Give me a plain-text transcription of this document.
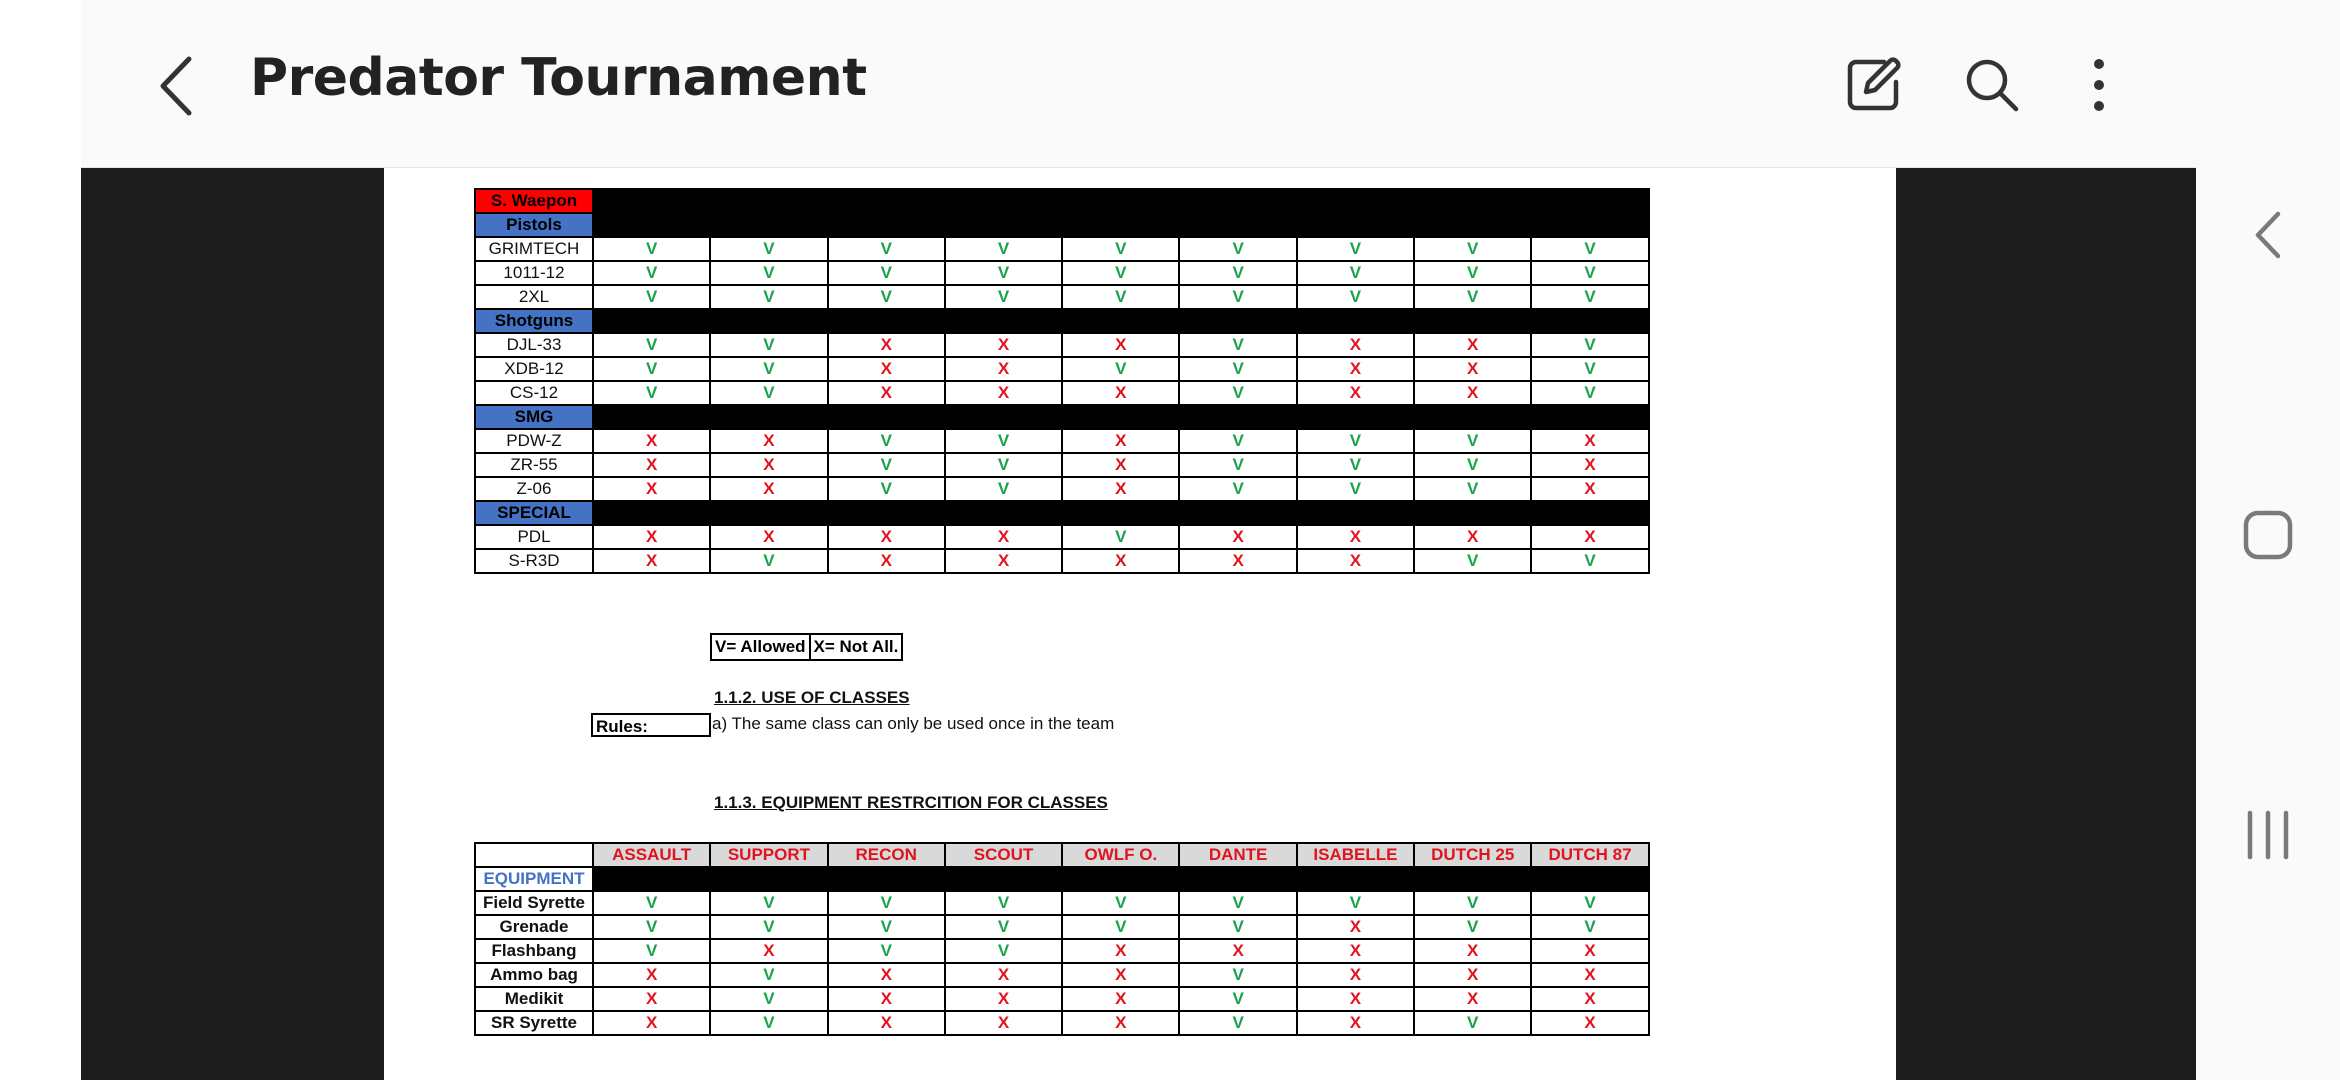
Predator Tournament
S. Waepon									
Pistols									
GRIMTECH	V	V	V	V	V	V	V	V	V
1011-12	V	V	V	V	V	V	V	V	V
2XL	V	V	V	V	V	V	V	V	V
Shotguns									
DJL-33	V	V	X	X	X	V	X	X	V
XDB-12	V	V	X	X	V	V	X	X	V
CS-12	V	V	X	X	X	V	X	X	V
SMG									
PDW-Z	X	X	V	V	X	V	V	V	X
ZR-55	X	X	V	V	X	V	V	V	X
Z-06	X	X	V	V	X	V	V	V	X
SPECIAL									
PDL	X	X	X	X	V	X	X	X	X
S-R3D	X	V	X	X	X	X	X	V	V
V= Allowed	X= Not All.
1.1.2. USE OF CLASSES
Rules:	a) The same class can only be used once in the team
1.1.3. EQUIPMENT RESTRCITION FOR CLASSES
	ASSAULT	SUPPORT	RECON	SCOUT	OWLF O.	DANTE	ISABELLE	DUTCH 25	DUTCH 87
EQUIPMENT									
Field Syrette	V	V	V	V	V	V	V	V	V
Grenade	V	V	V	V	V	V	X	V	V
Flashbang	V	X	V	V	X	X	X	X	X
Ammo bag	X	V	X	X	X	V	X	X	X
Medikit	X	V	X	X	X	V	X	X	X
SR Syrette	X	V	X	X	X	V	X	V	X
